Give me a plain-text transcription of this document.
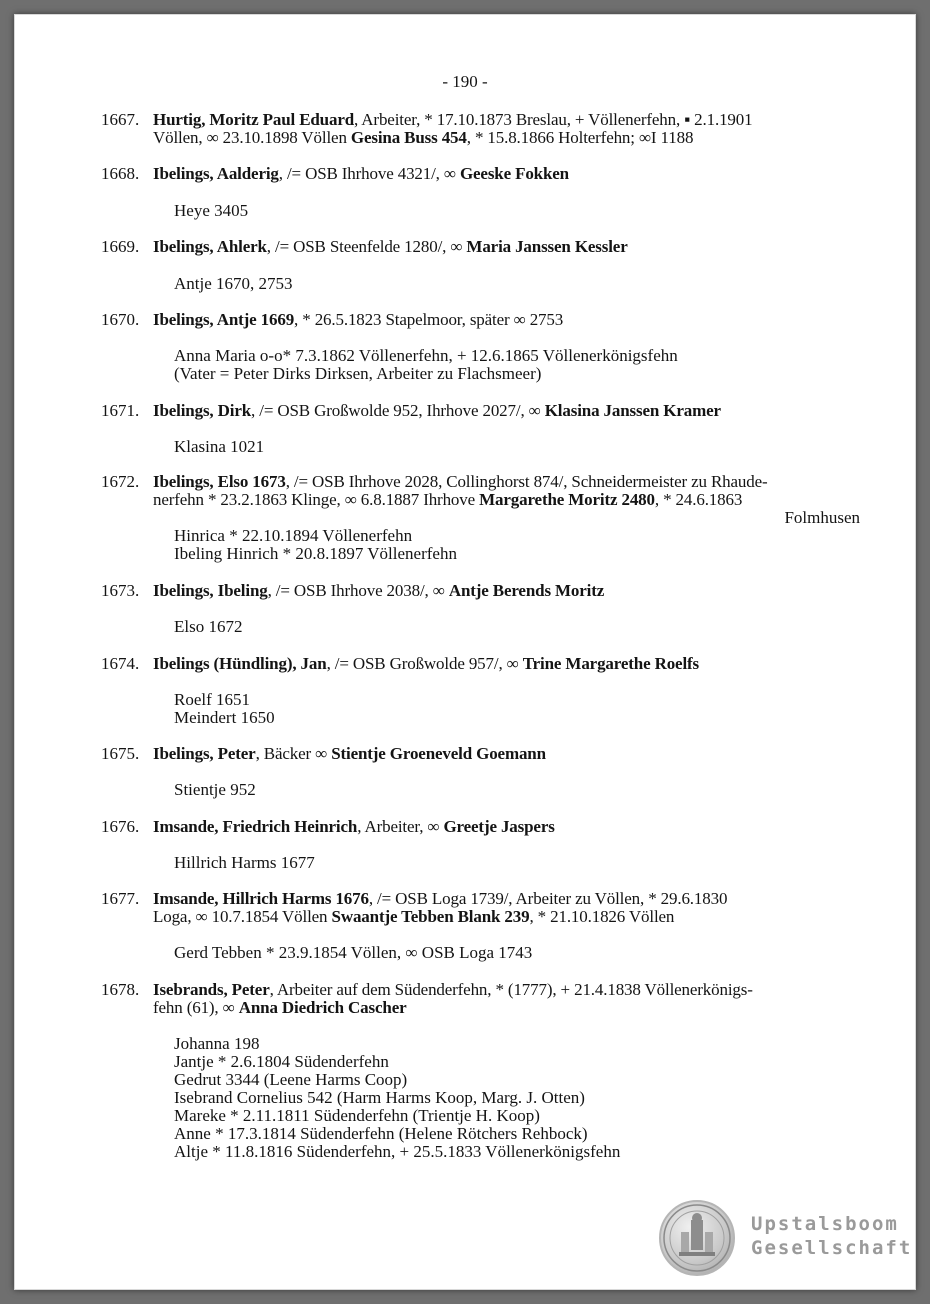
- 190 -
1667. Hurtig, Moritz Paul Eduard, Arbeiter, * 17.10.1873 Breslau, + Völlenerfehn, ▪ 2.1.1901
Völlen, ∞ 23.10.1898 Völlen Gesina Buss 454, * 15.8.1866 Holterfehn; ∞I 1188
1668. Ibelings, Aalderig, /= OSB Ihrhove 4321/, ∞ Geeske Fokken
Heye 3405
1669. Ibelings, Ahlerk, /= OSB Steenfelde 1280/, ∞ Maria Janssen Kessler
Antje 1670, 2753
1670. Ibelings, Antje 1669, * 26.5.1823 Stapelmoor, später ∞ 2753
Anna Maria o-o* 7.3.1862 Völlenerfehn, + 12.6.1865 Völlenerkönigsfehn
(Vater = Peter Dirks Dirksen, Arbeiter zu Flachsmeer)
1671. Ibelings, Dirk, /= OSB Großwolde 952, Ihrhove 2027/, ∞ Klasina Janssen Kramer
Klasina 1021
1672. Ibelings, Elso 1673, /= OSB Ihrhove 2028, Collinghorst 874/, Schneidermeister zu Rhaude-
nerfehn * 23.2.1863 Klinge, ∞ 6.8.1887 Ihrhove Margarethe Moritz 2480, * 24.6.1863
Folmhusen
Hinrica * 22.10.1894 Völlenerfehn
Ibeling Hinrich * 20.8.1897 Völlenerfehn
1673. Ibelings, Ibeling, /= OSB Ihrhove 2038/, ∞ Antje Berends Moritz
Elso 1672
1674. Ibelings (Hündling), Jan, /= OSB Großwolde 957/, ∞ Trine Margarethe Roelfs
Roelf 1651
Meindert 1650
1675. Ibelings, Peter, Bäcker ∞ Stientje Groeneveld Goemann
Stientje 952
1676. Imsande, Friedrich Heinrich, Arbeiter, ∞ Greetje Jaspers
Hillrich Harms 1677
1677. Imsande, Hillrich Harms 1676, /= OSB Loga 1739/, Arbeiter zu Völlen, * 29.6.1830
Loga, ∞ 10.7.1854 Völlen Swaantje Tebben Blank 239, * 21.10.1826 Völlen
Gerd Tebben * 23.9.1854 Völlen, ∞ OSB Loga 1743
1678. Isebrands, Peter, Arbeiter auf dem Südenderfehn, * (1777), + 21.4.1838 Völlenerkönigs-
fehn (61), ∞ Anna Diedrich Cascher
Johanna 198
Jantje * 2.6.1804 Südenderfehn
Gedrut 3344 (Leene Harms Coop)
Isebrand Cornelius 542 (Harm Harms Koop, Marg. J. Otten)
Mareke * 2.11.1811 Südenderfehn (Trientje H. Koop)
Anne * 17.3.1814 Südenderfehn (Helene Rötchers Rehbock)
Altje * 11.8.1816 Südenderfehn, + 25.5.1833 Völlenerkönigsfehn
Upstalsboom
Gesellschaft
